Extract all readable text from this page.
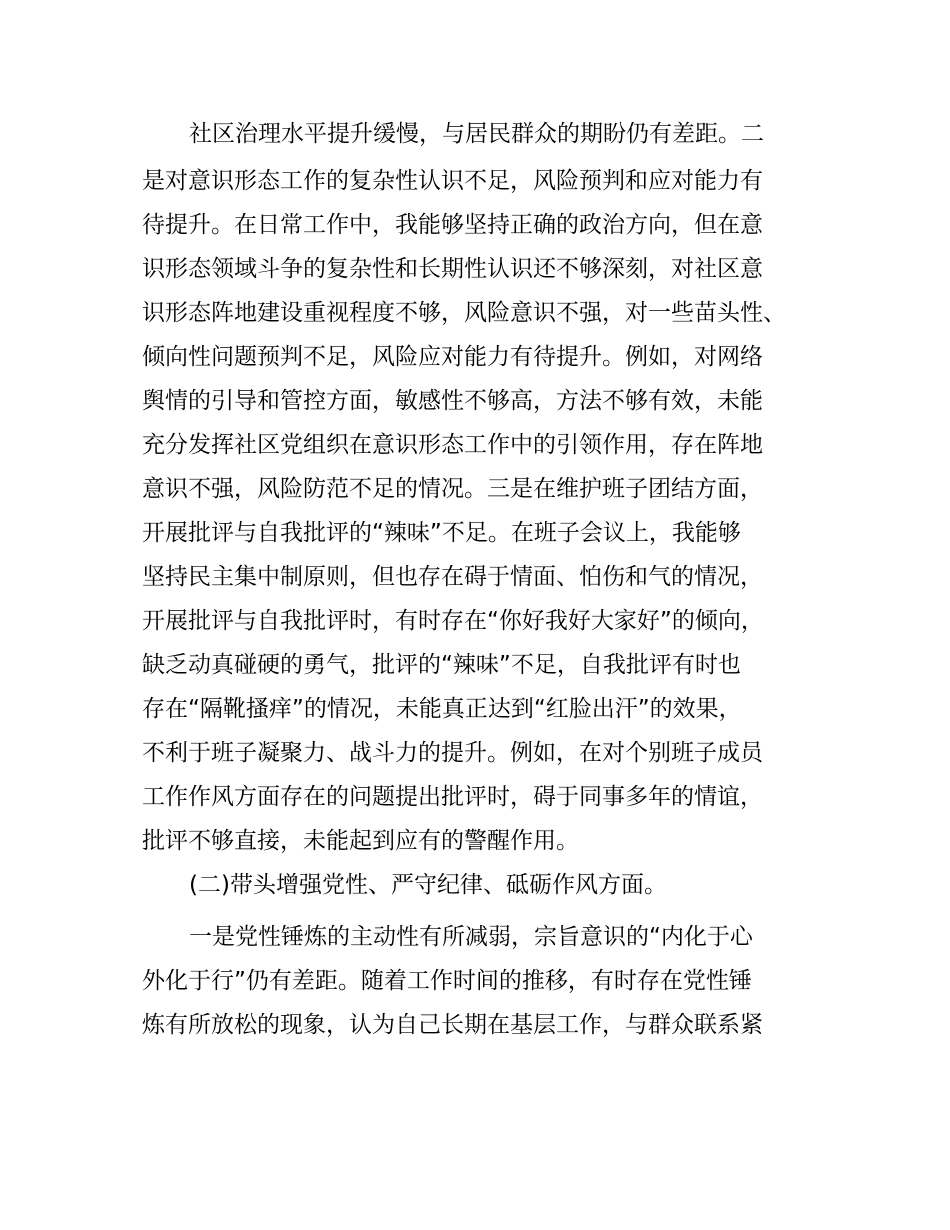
社区治理水平提升缓慢，与居民群众的期盼仍有差距。二
是对意识形态工作的复杂性认识不足，风险预判和应对能力有
待提升。在日常工作中，我能够坚持正确的政治方向，但在意
识形态领域斗争的复杂性和长期性认识还不够深刻，对社区意
识形态阵地建设重视程度不够，风险意识不强，对一些苗头性、
倾向性问题预判不足，风险应对能力有待提升。例如，对网络
舆情的引导和管控方面，敏感性不够高，方法不够有效，未能
充分发挥社区党组织在意识形态工作中的引领作用，存在阵地
意识不强，风险防范不足的情况。三是在维护班子团结方面，
开展批评与自我批评的“辣味”不足。在班子会议上，我能够
坚持民主集中制原则，但也存在碍于情面、怕伤和气的情况，
开展批评与自我批评时，有时存在“你好我好大家好”的倾向，
缺乏动真碰硬的勇气，批评的“辣味”不足，自我批评有时也
存在“隔靴搔痒”的情况，未能真正达到“红脸出汗”的效果，
不利于班子凝聚力、战斗力的提升。例如，在对个别班子成员
工作作风方面存在的问题提出批评时，碍于同事多年的情谊，
批评不够直接，未能起到应有的警醒作用。
(二)带头增强党性、严守纪律、砥砺作风方面。
一是党性锤炼的主动性有所减弱，宗旨意识的“内化于心
外化于行”仍有差距。随着工作时间的推移，有时存在党性锤
炼有所放松的现象，认为自己长期在基层工作，与群众联系紧
